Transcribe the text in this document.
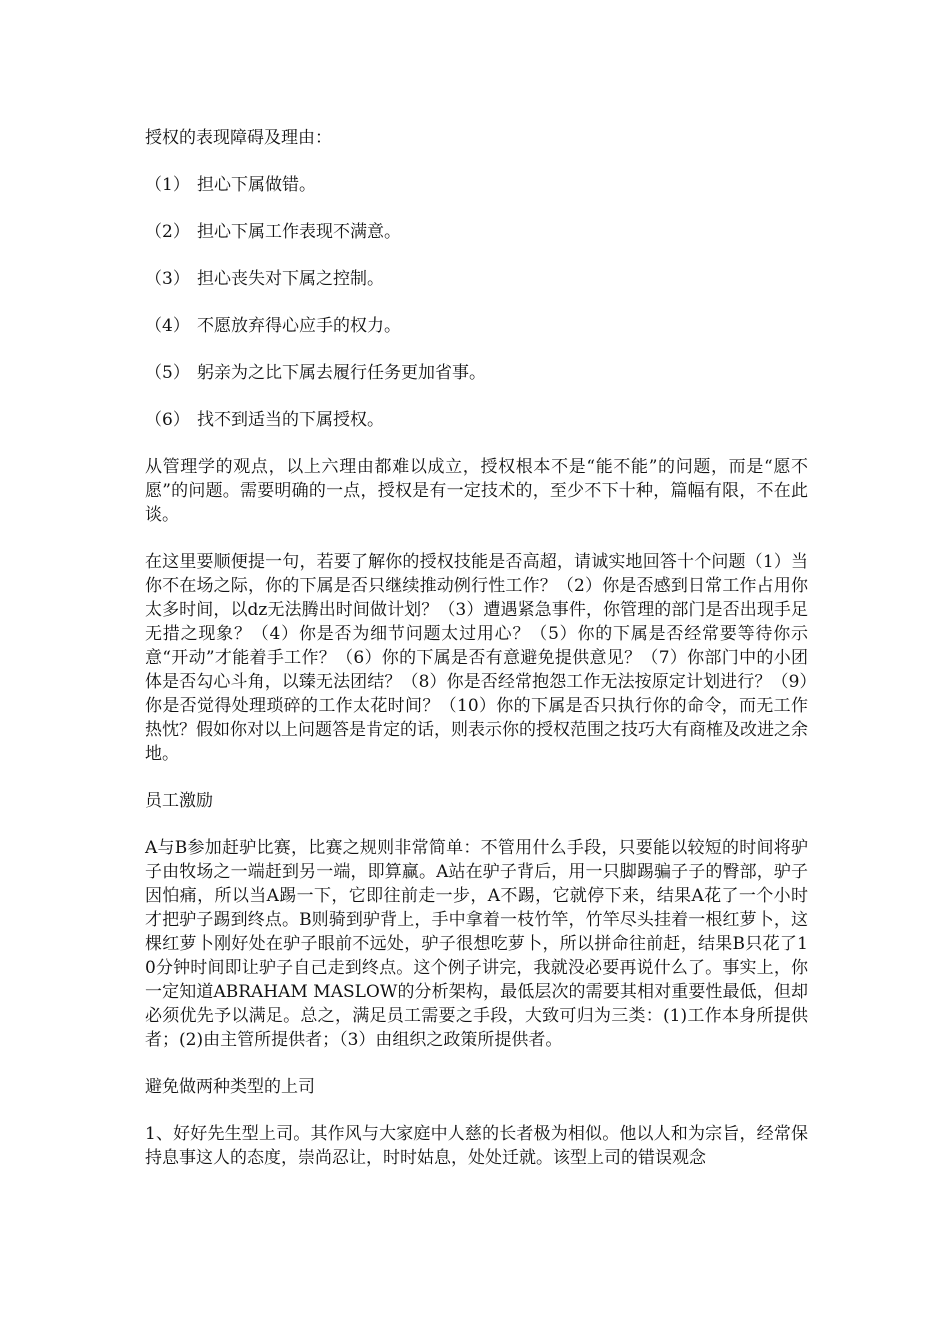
授权的表现障碍及理由：

（1） 担心下属做错。

（2） 担心下属工作表现不满意。

（3） 担心丧失对下属之控制。

（4） 不愿放弃得心应手的权力。

（5） 躬亲为之比下属去履行任务更加省事。

（6） 找不到适当的下属授权。

从管理学的观点，以上六理由都难以成立，授权根本不是“能不能”的问题，而是“愿不愿”的问题。需要明确的一点，授权是有一定技术的，至少不下十种，篇幅有限，不在此谈。

在这里要顺便提一句，若要了解你的授权技能是否高超，请诚实地回答十个问题（1）当你不在场之际，你的下属是否只继续推动例行性工作？（2）你是否感到日常工作占用你太多时间，以dz无法腾出时间做计划？（3）遭遇紧急事件，你管理的部门是否出现手足无措之现象？（4）你是否为细节问题太过用心？（5）你的下属是否经常要等待你示意“开动”才能着手工作？（6）你的下属是否有意避免提供意见？（7）你部门中的小团体是否勾心斗角，以臻无法团结？（8）你是否经常抱怨工作无法按原定计划进行？（9）你是否觉得处理琐碎的工作太花时间？（10）你的下属是否只执行你的命令，而无工作热忱？假如你对以上问题答是肯定的话，则表示你的授权范围之技巧大有商榷及改进之余地。

员工激励

A与B参加赶驴比赛，比赛之规则非常简单：不管用什么手段，只要能以较短的时间将驴子由牧场之一端赶到另一端，即算赢。A站在驴子背后，用一只脚踢骗子子的臀部，驴子因怕痛，所以当A踢一下，它即往前走一步，A不踢，它就停下来，结果A花了一个小时才把驴子踢到终点。B则骑到驴背上，手中拿着一枝竹竿，竹竿尽头挂着一根红萝卜，这棵红萝卜刚好处在驴子眼前不远处，驴子很想吃萝卜，所以拼命往前赶，结果B只花了10分钟时间即让驴子自己走到终点。这个例子讲完，我就没必要再说什么了。事实上，你一定知道ABRAHAM MASLOW的分析架构，最低层次的需要其相对重要性最低，但却必须优先予以满足。总之，满足员工需要之手段，大致可归为三类：(1)工作本身所提供者；(2)由主管所提供者；（3）由组织之政策所提供者。

避免做两种类型的上司

1、好好先生型上司。其作风与大家庭中人慈的长者极为相似。他以人和为宗旨，经常保持息事这人的态度，崇尚忍让，时时姑息，处处迁就。该型上司的错误观念
